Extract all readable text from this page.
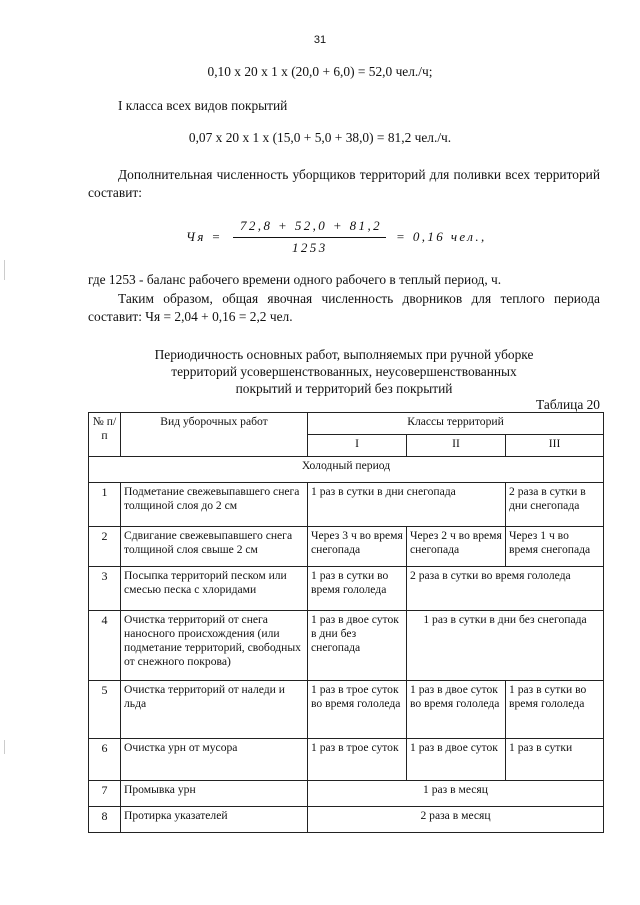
31
0,10 х 20 х 1 х (20,0 + 6,0) = 52,0 чел./ч;
I класса всех видов покрытий
0,07 х 20 х 1 х (15,0 + 5,0 + 38,0) = 81,2 чел./ч.
Дополнительная численность уборщиков территорий для поливки всех территорий составит:
Чя =
72,8 + 52,0 + 81,2
1253
= 0,16 чел.,
где 1253 - баланс рабочего времени одного рабочего в теплый период, ч.
Таким образом, общая явочная численность дворников для теплого периода составит: Чя = 2,04 + 0,16 = 2,2 чел.
Периодичность основных работ, выполняемых при ручной уборке
территорий усовершенствованных, неусовершенствованных
покрытий и территорий без покрытий
Таблица 20
№ п/п	Вид уборочных работ	Классы территорий		
		I	II	III
Холодный период				
1	Подметание свежевыпавшего снега толщиной слоя до 2 см	1 раз в сутки в дни снегопада		2 раза в сутки в дни снегопада
2	Сдвигание свежевыпавшего снега толщиной слоя свыше 2 см	Через 3 ч во время снегопада	Через 2 ч во время снегопада	Через 1 ч во время снегопада
3	Посыпка территорий песком или смесью песка с хлоридами	1 раз в сутки во время гололеда	2 раза в сутки во время гололеда	
4	Очистка территорий от снега наносного происхождения (или подметание территорий, свободных от снежного покрова)	1 раз в двое суток в дни без снегопада	1 раз в сутки в дни без снегопада	
5	Очистка территорий от наледи и льда	1 раз в трое суток во время гололеда	1 раз в двое суток во время гололеда	1 раз в сутки во время гололеда
6	Очистка урн от мусора	1 раз в трое суток	1 раз в двое суток	1 раз в сутки
7	Промывка урн	1 раз в месяц		
8	Протирка указателей	2 раза в месяц		
